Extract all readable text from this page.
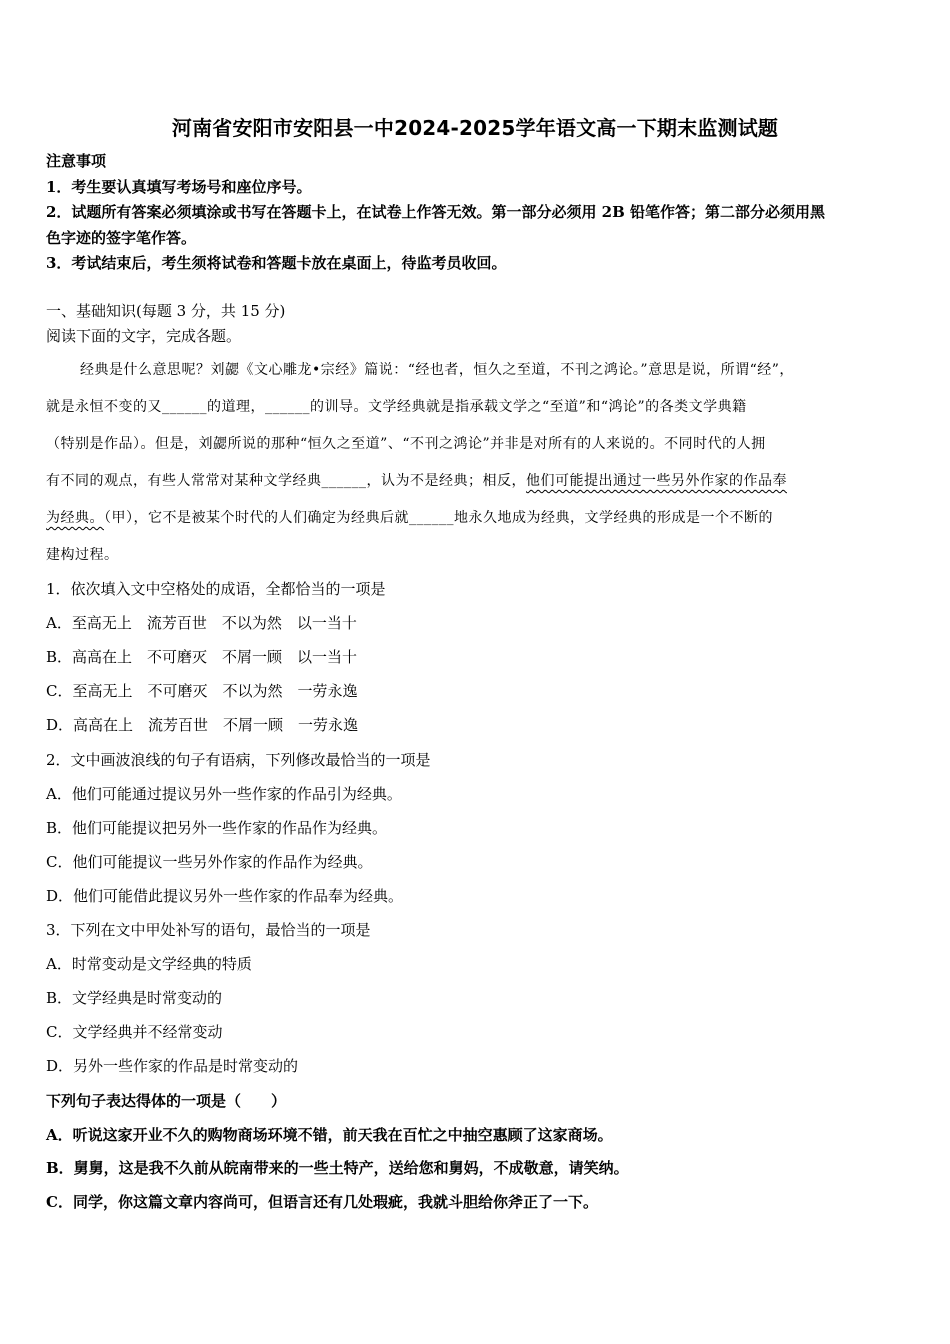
河南省安阳市安阳县一中2024-2025学年语文高一下期末监测试题
注意事项
1．考生要认真填写考场号和座位序号。
2．试题所有答案必须填涂或书写在答题卡上，在试卷上作答无效。第一部分必须用 2B 铅笔作答；第二部分必须用黑
色字迹的签字笔作答。
3．考试结束后，考生须将试卷和答题卡放在桌面上，待监考员收回。
一、基础知识(每题 3 分，共 15 分)
阅读下面的文字，完成各题。
经典是什么意思呢？刘勰《文心雕龙•宗经》篇说：“经也者，恒久之至道，不刊之鸿论。”意思是说，所谓“经”，
就是永恒不变的又______的道理，______的训导。文学经典就是指承载文学之“至道”和“鸿论”的各类文学典籍
（特别是作品）。但是，刘勰所说的那种“恒久之至道”、“不刊之鸿论”并非是对所有的人来说的。不同时代的人拥
有不同的观点，有些人常常对某种文学经典______，认为不是经典；相反，他们可能提出通过一些另外作家的作品奉
为经典。（甲），它不是被某个时代的人们确定为经典后就______地永久地成为经典，文学经典的形成是一个不断的
建构过程。
1．依次填入文中空格处的成语，全都恰当的一项是
A．至高无上　流芳百世　不以为然　以一当十
B．高高在上　不可磨灭　不屑一顾　以一当十
C．至高无上　不可磨灭　不以为然　一劳永逸
D．高高在上　流芳百世　不屑一顾　一劳永逸
2．文中画波浪线的句子有语病，下列修改最恰当的一项是
A．他们可能通过提议另外一些作家的作品引为经典。
B．他们可能提议把另外一些作家的作品作为经典。
C．他们可能提议一些另外作家的作品作为经典。
D．他们可能借此提议另外一些作家的作品奉为经典。
3．下列在文中甲处补写的语句，最恰当的一项是
A．时常变动是文学经典的特质
B．文学经典是时常变动的
C．文学经典并不经常变动
D．另外一些作家的作品是时常变动的
下列句子表达得体的一项是（　　）
A．听说这家开业不久的购物商场环境不错，前天我在百忙之中抽空惠顾了这家商场。
B．舅舅，这是我不久前从皖南带来的一些土特产，送给您和舅妈，不成敬意，请笑纳。
C．同学，你这篇文章内容尚可，但语言还有几处瑕疵，我就斗胆给你斧正了一下。
